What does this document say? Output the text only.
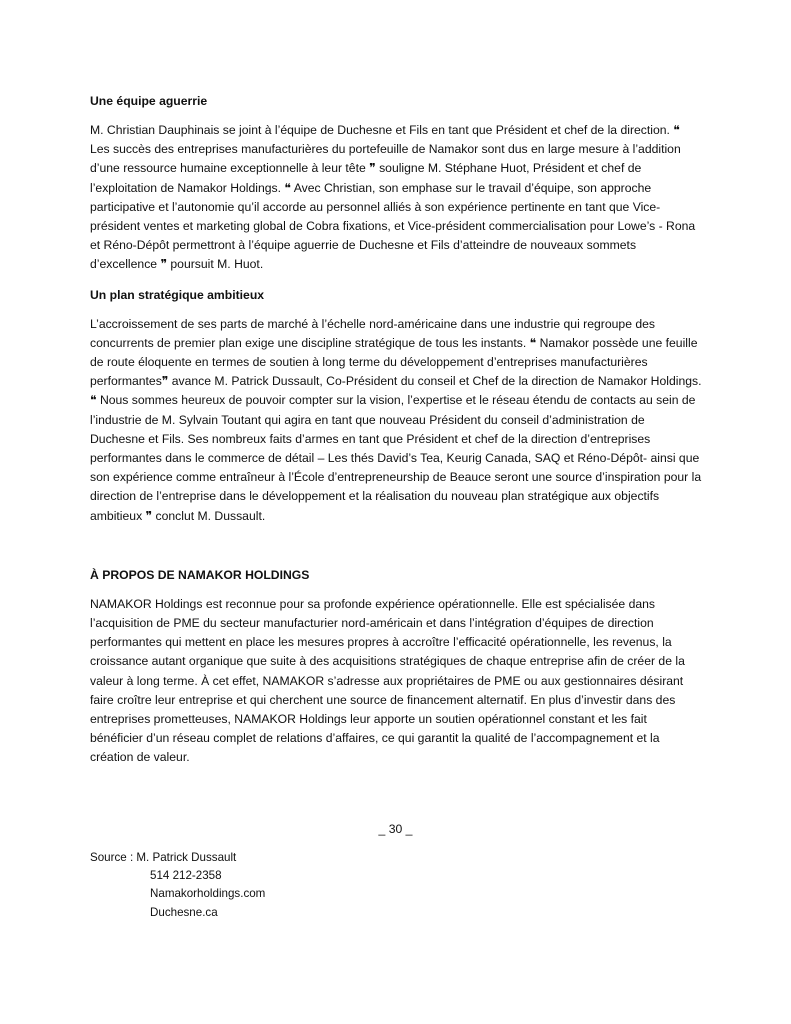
Une équipe aguerrie

M. Christian Dauphinais se joint à l’équipe de Duchesne et Fils en tant que Président et chef de la direction. ❝ Les succès des entreprises manufacturières du portefeuille de Namakor sont dus en large mesure à l’addition d’une ressource humaine exceptionnelle à leur tête ❞ souligne M. Stéphane Huot, Président et chef de l’exploitation de Namakor Holdings. ❝ Avec Christian, son emphase sur le travail d’équipe, son approche participative et l’autonomie qu’il accorde au personnel alliés à son expérience pertinente en tant que Vice-président ventes et marketing global de Cobra fixations, et Vice-président commercialisation pour Lowe’s - Rona et Réno-Dépôt permettront à l’équipe aguerrie de Duchesne et Fils d’atteindre de nouveaux sommets d’excellence ❞ poursuit M. Huot.

Un plan stratégique ambitieux

L’accroissement de ses parts de marché à l’échelle nord-américaine dans une industrie qui regroupe des concurrents de premier plan exige une discipline stratégique de tous les instants. ❝ Namakor possède une feuille de route éloquente en termes de soutien à long terme du développement d’entreprises manufacturières performantes❞ avance M. Patrick Dussault, Co-Président du conseil et Chef de la direction de Namakor Holdings. ❝ Nous sommes heureux de pouvoir compter sur la vision, l’expertise et le réseau étendu de contacts au sein de l’industrie de M. Sylvain Toutant qui agira en tant que nouveau Président du conseil d’administration de Duchesne et Fils. Ses nombreux faits d’armes en tant que Président et chef de la direction d’entreprises performantes dans le commerce de détail – Les thés David’s Tea, Keurig Canada, SAQ et Réno-Dépôt- ainsi que son expérience comme entraîneur à l’École d’entrepreneurship de Beauce seront une source d’inspiration pour la direction de l’entreprise dans le développement et la réalisation du nouveau plan stratégique aux objectifs ambitieux ❞ conclut M. Dussault.

À PROPOS DE NAMAKOR HOLDINGS

NAMAKOR Holdings est reconnue pour sa profonde expérience opérationnelle. Elle est spécialisée dans l’acquisition de PME du secteur manufacturier nord-américain et dans l’intégration d’équipes de direction performantes qui mettent en place les mesures propres à accroître l’efficacité opérationnelle, les revenus, la croissance autant organique que suite à des acquisitions stratégiques de chaque entreprise afin de créer de la valeur à long terme. À cet effet, NAMAKOR s’adresse aux propriétaires de PME ou aux gestionnaires désirant faire croître leur entreprise et qui cherchent une source de financement alternatif. En plus d’investir dans des entreprises prometteuses, NAMAKOR Holdings leur apporte un soutien opérationnel constant et les fait bénéficier d’un réseau complet de relations d’affaires, ce qui garantit la qualité de l’accompagnement et la création de valeur.

_ 30 _
Source : M. Patrick Dussault
514 212-2358
Namakorholdings.com
Duchesne.ca
